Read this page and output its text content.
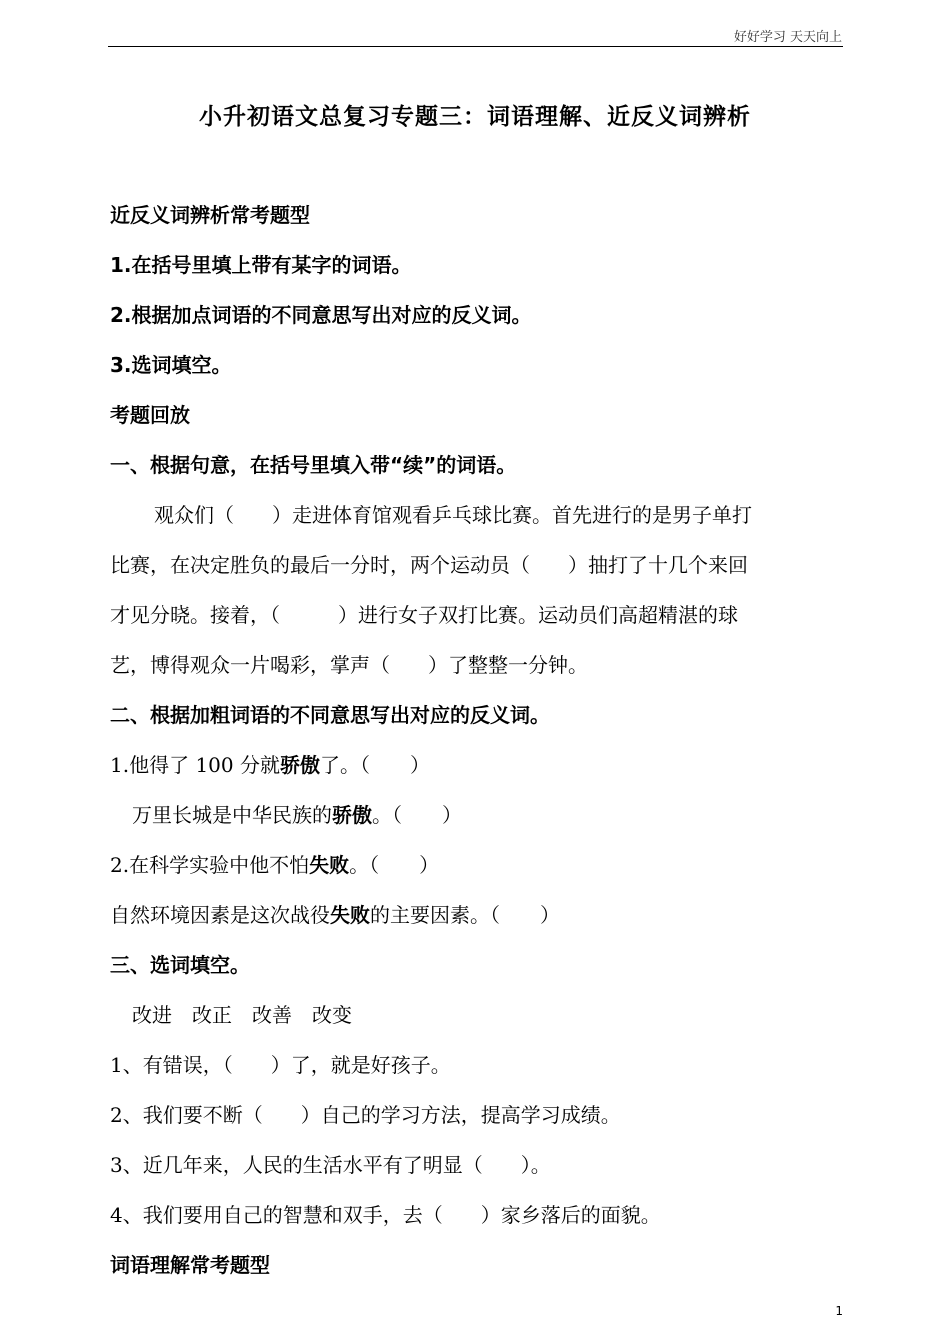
好好学习 天天向上
小升初语文总复习专题三：词语理解、近反义词辨析
近反义词辨析常考题型
1.在括号里填上带有某字的词语。
2.根据加点词语的不同意思写出对应的反义词。
3.选词填空。
考题回放
一、根据句意，在括号里填入带“续”的词语。
观众们（ ）走进体育馆观看乒乓球比赛。首先进行的是男子单打
比赛，在决定胜负的最后一分时，两个运动员（ ）抽打了十几个来回
才见分晓。接着，（	）进行女子双打比赛。运动员们高超精湛的球
艺，博得观众一片喝彩，掌声（ ）了整整一分钟。
二、根据加粗词语的不同意思写出对应的反义词。
1.他得了 100 分就骄傲了。（ ）
万里长城是中华民族的骄傲。（ ）
2.在科学实验中他不怕失败。（ ）
自然环境因素是这次战役失败的主要因素。（ ）
三、选词填空。
改进　改正　改善　改变
1、有错误，（ ）了，就是好孩子。
2、我们要不断（ ）自己的学习方法，提高学习成绩。
3、近几年来，人民的生活水平有了明显（ ）。
4、我们要用自己的智慧和双手，去（ ）家乡落后的面貌。
词语理解常考题型
1
